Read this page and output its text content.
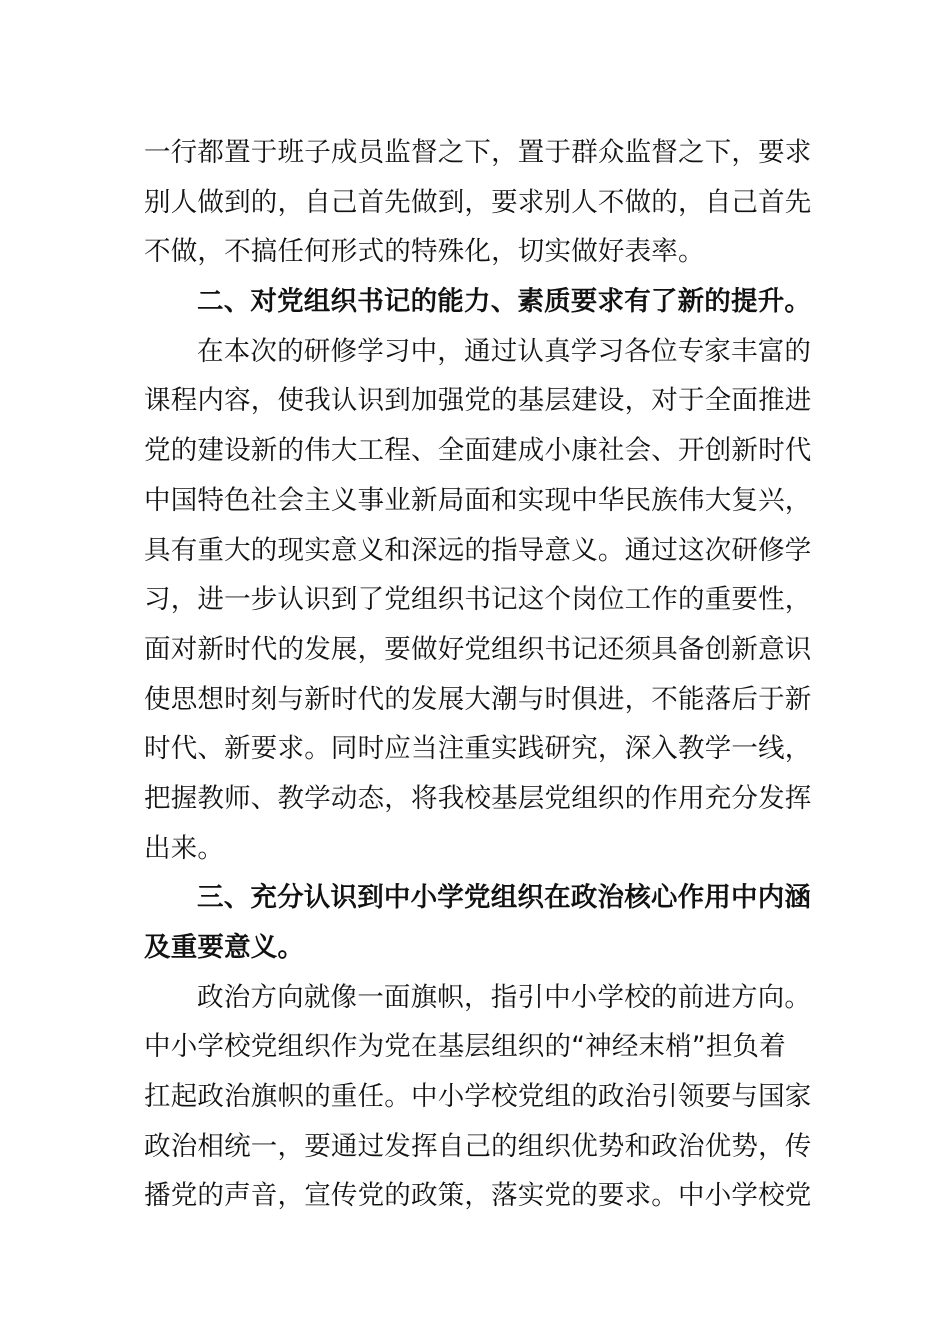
一行都置于班子成员监督之下，置于群众监督之下，要求
别人做到的，自己首先做到，要求别人不做的，自己首先
不做，不搞任何形式的特殊化，切实做好表率。
二、对党组织书记的能力、素质要求有了新的提升。
在本次的研修学习中，通过认真学习各位专家丰富的
课程内容，使我认识到加强党的基层建设，对于全面推进
党的建设新的伟大工程、全面建成小康社会、开创新时代
中国特色社会主义事业新局面和实现中华民族伟大复兴，
具有重大的现实意义和深远的指导意义。通过这次研修学
习，进一步认识到了党组织书记这个岗位工作的重要性，
面对新时代的发展，要做好党组织书记还须具备创新意识
使思想时刻与新时代的发展大潮与时俱进，不能落后于新
时代、新要求。同时应当注重实践研究，深入教学一线，
把握教师、教学动态，将我校基层党组织的作用充分发挥
出来。
三、充分认识到中小学党组织在政治核心作用中内涵
及重要意义。
政治方向就像一面旗帜，指引中小学校的前进方向。
中小学校党组织作为党在基层组织的“神经末梢”担负着
扛起政治旗帜的重任。中小学校党组的政治引领要与国家
政治相统一，要通过发挥自己的组织优势和政治优势，传
播党的声音，宣传党的政策，落实党的要求。中小学校党
